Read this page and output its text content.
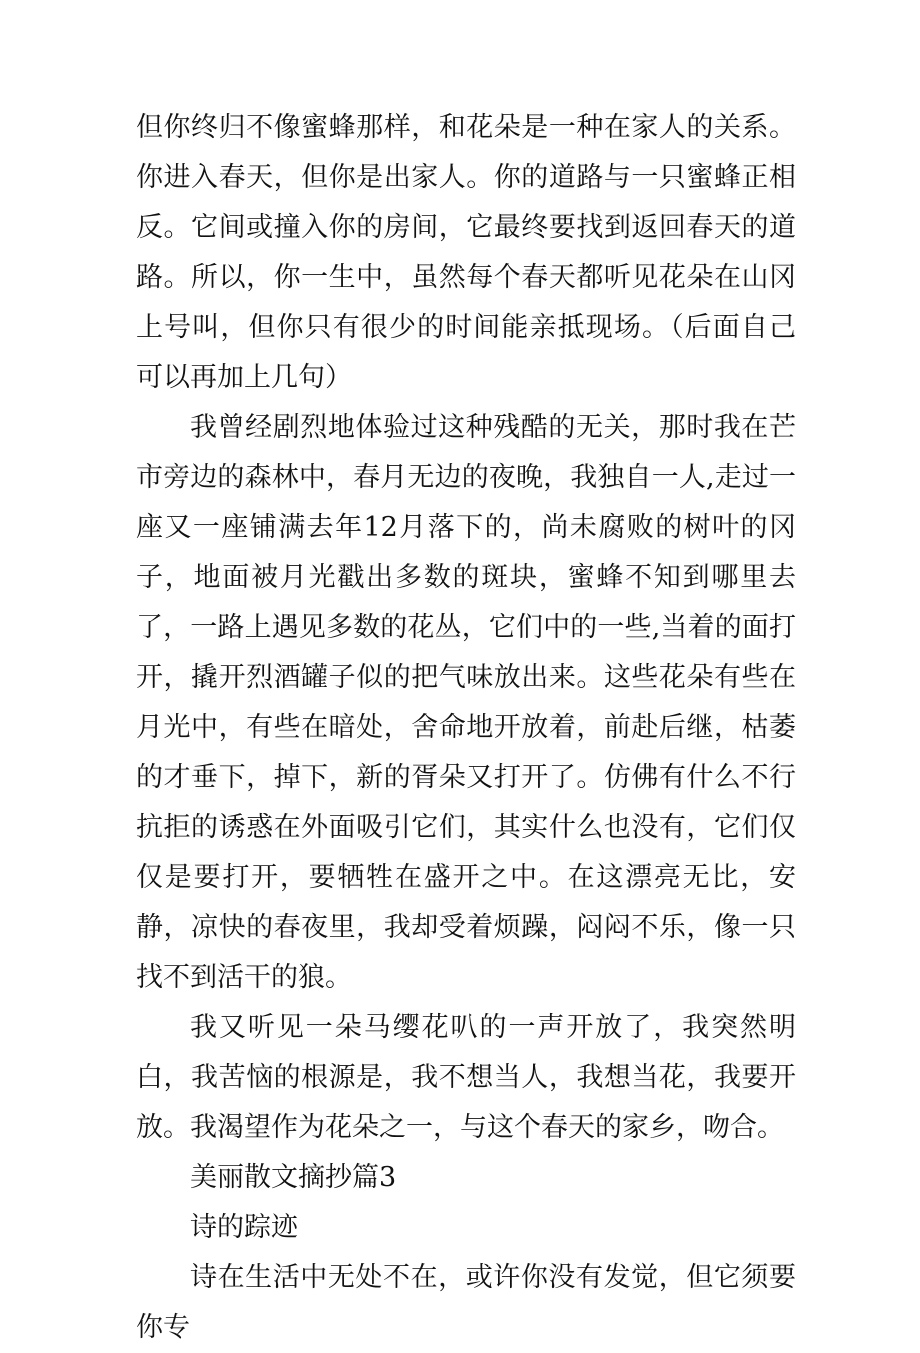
但你终归不像蜜蜂那样，和花朵是一种在家人的关系。你进入春天，但你是出家人。你的道路与一只蜜蜂正相反。它间或撞入你的房间，它最终要找到返回春天的道路。所以，你一生中，虽然每个春天都听见花朵在山冈上号叫，但你只有很少的时间能亲抵现场。（后面自己可以再加上几句）

我曾经剧烈地体验过这种残酷的无关，那时我在芒市旁边的森林中，春月无边的夜晚，我独自一人,走过一座又一座铺满去年12月落下的，尚未腐败的树叶的冈子，地面被月光戳出多数的斑块，蜜蜂不知到哪里去了，一路上遇见多数的花丛，它们中的一些,当着的面打开，撬开烈酒罐子似的把气味放出来。这些花朵有些在月光中，有些在暗处，舍命地开放着，前赴后继，枯萎的才垂下，掉下，新的胥朵又打开了。仿佛有什么不行抗拒的诱惑在外面吸引它们，其实什么也没有，它们仅仅是要打开，要牺牲在盛开之中。在这漂亮无比，安静，凉快的春夜里，我却受着烦躁，闷闷不乐，像一只找不到活干的狼。

我又听见一朵马缨花叭的一声开放了，我突然明白，我苦恼的根源是，我不想当人，我想当花，我要开放。我渴望作为花朵之一，与这个春天的家乡，吻合。

美丽散文摘抄篇3

诗的踪迹

诗在生活中无处不在，或许你没有发觉，但它须要你专
